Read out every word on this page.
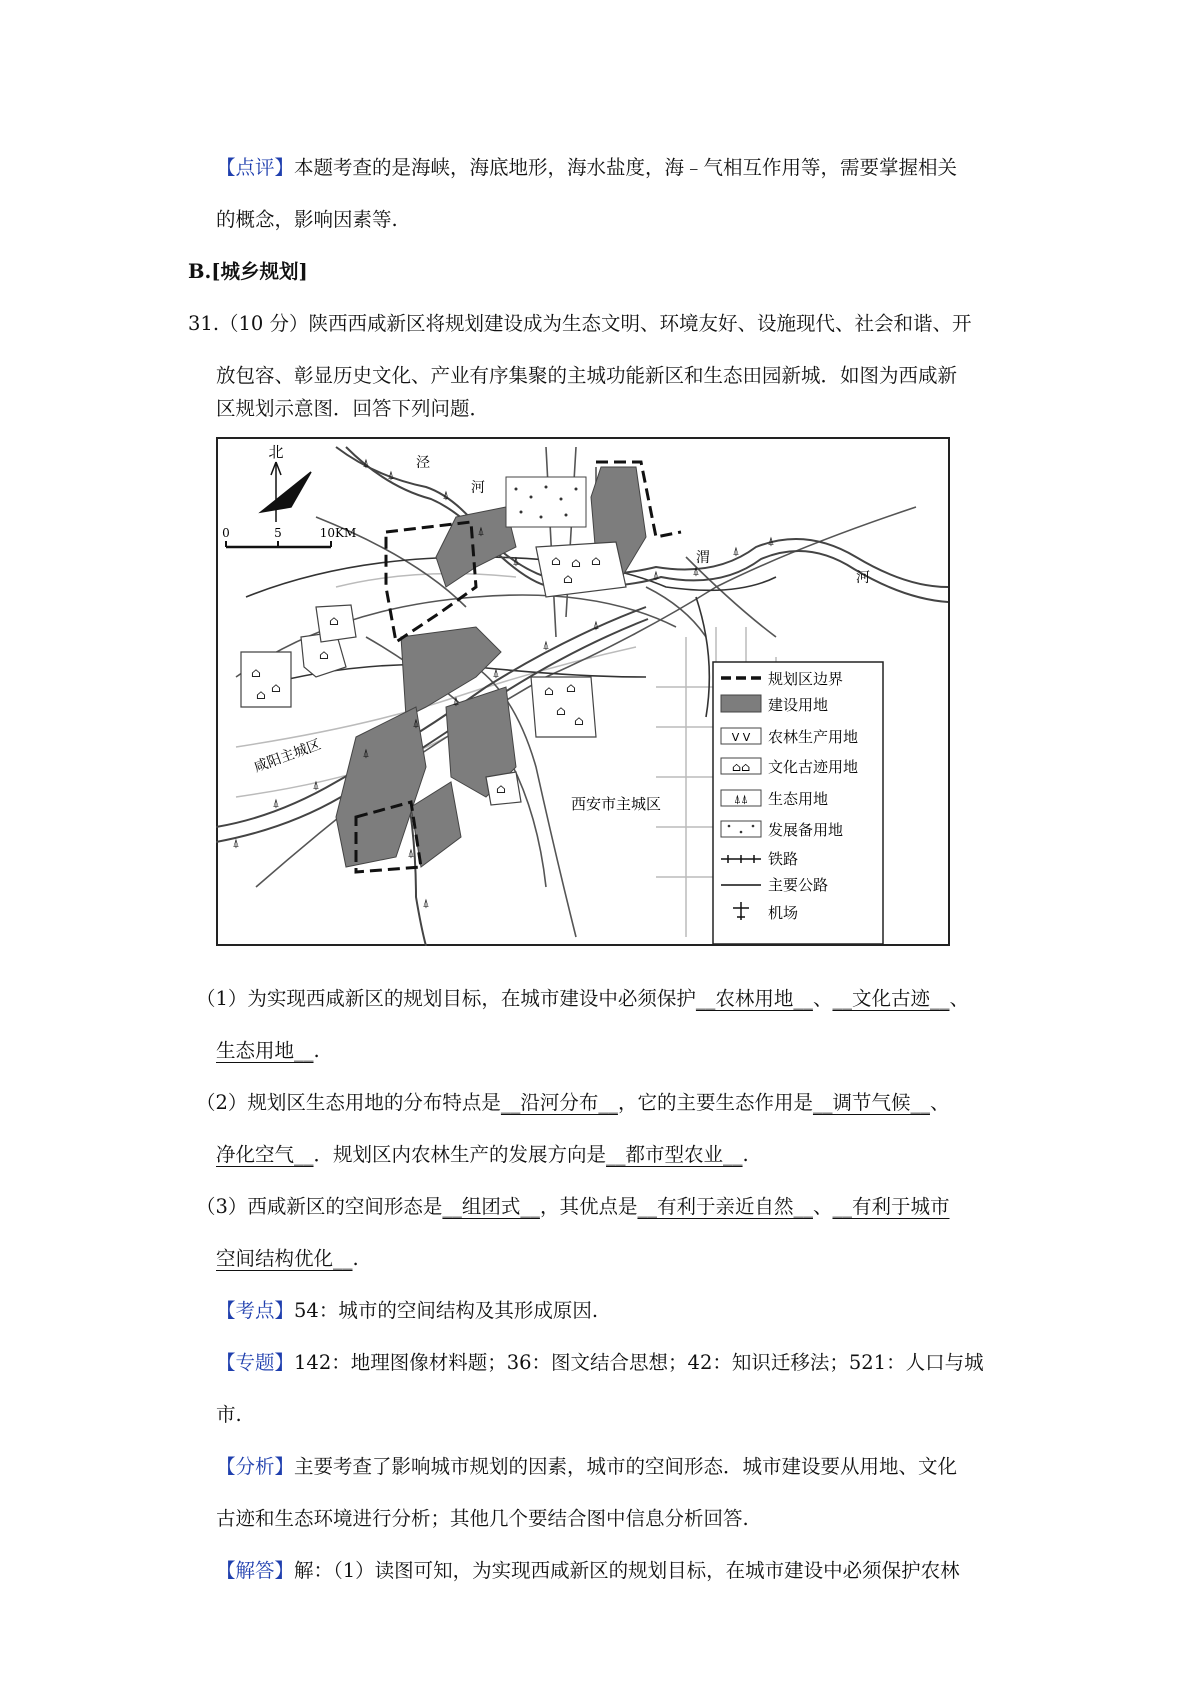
【点评】本题考查的是海峡，海底地形，海水盐度，海﹣气相互作用等，需要掌握相关
的概念，影响因素等.
B.[城乡规划]
31.（10 分）陕西西咸新区将规划建设成为生态文明、环境友好、设施现代、社会和谐、开
放包容、彰显历史文化、产业有序集聚的主城功能新区和生态田园新城．如图为西咸新
区规划示意图．回答下列问题．
⌂
⌂
⌂
⌂
⌂
⌂ ⌂
⌂
⌂
⌂ ⌂ ⌂
⌂
⌂
⍋
⍋
⍋
⍋
⍋
⍋	⍋
⍋
⍋
⍋
⍋
⍋
⍋
⍋
⍋
⍋
⍋
⍋
⍋
⍋
北
0	5	10KM
泾
河
渭
河
咸阳主城区
西安市主城区
ᐯ ᐯ
⌂⌂
⍋⍋
规划区边界
建设用地
农林生产用地
文化古迹用地
生态用地
发展备用地
铁路
主要公路
机场
（1）为实现西咸新区的规划目标，在城市建设中必须保护__农林用地__、__文化古迹__、
生态用地__.
（2）规划区生态用地的分布特点是__沿河分布__，它的主要生态作用是__调节气候__、
净化空气__．规划区内农林生产的发展方向是__都市型农业__.
（3）西咸新区的空间形态是__组团式__，其优点是__有利于亲近自然__、__有利于城市
空间结构优化__.
【考点】54：城市的空间结构及其形成原因.
【专题】142：地理图像材料题；36：图文结合思想；42：知识迁移法；521：人口与城
市.
【分析】主要考查了影响城市规划的因素，城市的空间形态．城市建设要从用地、文化
古迹和生态环境进行分析；其他几个要结合图中信息分析回答.
【解答】解：（1）读图可知，为实现西咸新区的规划目标，在城市建设中必须保护农林
